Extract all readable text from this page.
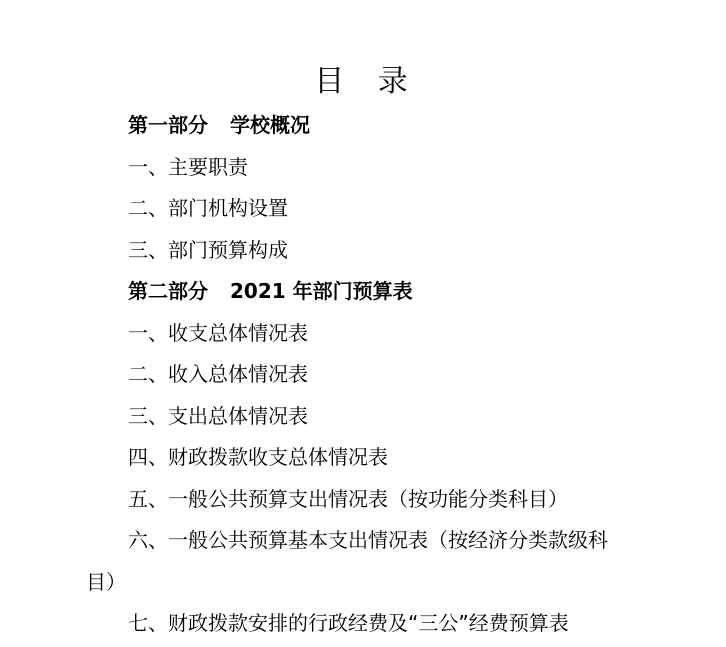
目 录
第一部分 学校概况
一、主要职责
二、部门机构设置
三、部门预算构成
第二部分 2021 年部门预算表
一、收支总体情况表
二、收入总体情况表
三、支出总体情况表
四、财政拨款收支总体情况表
五、一般公共预算支出情况表（按功能分类科目）
六、一般公共预算基本支出情况表（按经济分类款级科
目）
七、财政拨款安排的行政经费及“三公”经费预算表
